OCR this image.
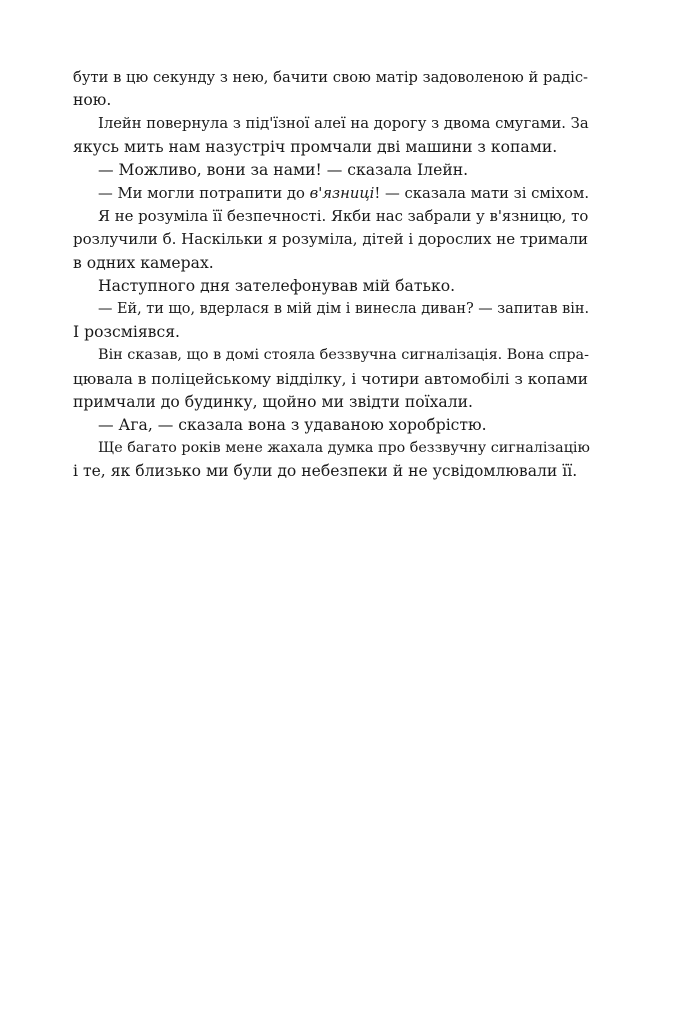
бути в цю секунду з нею, бачити свою матір задоволеною й радіс-
ною.
Ілейн повернула з під'їзної алеї на дорогу з двома смугами. За
якусь мить нам назустріч промчали дві машини з копами.
— Можливо, вони за нами! — сказала Ілейн.
— Ми могли потрапити до в'язниці! — сказала мати зі сміхом.
Я не розуміла її безпечності. Якби нас забрали у в'язницю, то
розлучили б. Наскільки я розуміла, дітей і дорослих не тримали
в одних камерах.
Наступного дня зателефонував мій батько.
— Ей, ти що, вдерлася в мій дім і винесла диван? — запитав він.
І розсміявся.
Він сказав, що в домі стояла беззвучна сигналізація. Вона спра-
цювала в поліцейському відділку, і чотири автомобілі з копами
примчали до будинку, щойно ми звідти поїхали.
— Ага, — сказала вона з удаваною хоробрістю.
Ще багато років мене жахала думка про беззвучну сигналізацію
і те, як близько ми були до небезпеки й не усвідомлювали її.
